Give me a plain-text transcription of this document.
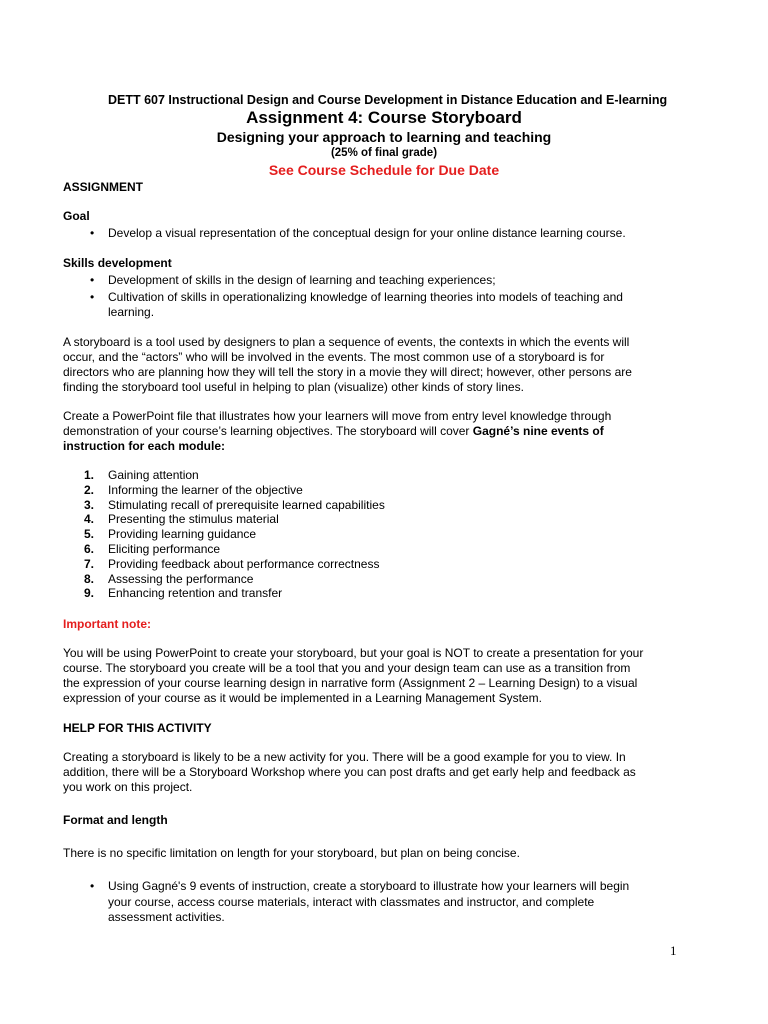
DETT 607 Instructional Design and Course Development in Distance Education and E-learning
Assignment 4: Course Storyboard
Designing your approach to learning and teaching
(25% of final grade)
See Course Schedule for Due Date
ASSIGNMENT
Goal
• Develop a visual representation of the conceptual design for your online distance learning course.
Skills development
• Development of skills in the design of learning and teaching experiences;
• Cultivation of skills in operationalizing knowledge of learning theories into models of teaching and
learning.
A storyboard is a tool used by designers to plan a sequence of events, the contexts in which the events will
occur, and the “actors” who will be involved in the events. The most common use of a storyboard is for
directors who are planning how they will tell the story in a movie they will direct; however, other persons are
finding the storyboard tool useful in helping to plan (visualize) other kinds of story lines.
Create a PowerPoint file that illustrates how your learners will move from entry level knowledge through
demonstration of your course’s learning objectives. The storyboard will cover Gagné’s nine events of
instruction for each module:
1. Gaining attention
2. Informing the learner of the objective
3. Stimulating recall of prerequisite learned capabilities
4. Presenting the stimulus material
5. Providing learning guidance
6. Eliciting performance
7. Providing feedback about performance correctness
8. Assessing the performance
9. Enhancing retention and transfer
Important note:
You will be using PowerPoint to create your storyboard, but your goal is NOT to create a presentation for your
course. The storyboard you create will be a tool that you and your design team can use as a transition from
the expression of your course learning design in narrative form (Assignment 2 – Learning Design) to a visual
expression of your course as it would be implemented in a Learning Management System.
HELP FOR THIS ACTIVITY
Creating a storyboard is likely to be a new activity for you. There will be a good example for you to view. In
addition, there will be a Storyboard Workshop where you can post drafts and get early help and feedback as
you work on this project.
Format and length
There is no specific limitation on length for your storyboard, but plan on being concise.
• Using Gagné's 9 events of instruction, create a storyboard to illustrate how your learners will begin
your course, access course materials, interact with classmates and instructor, and complete
assessment activities.
1
